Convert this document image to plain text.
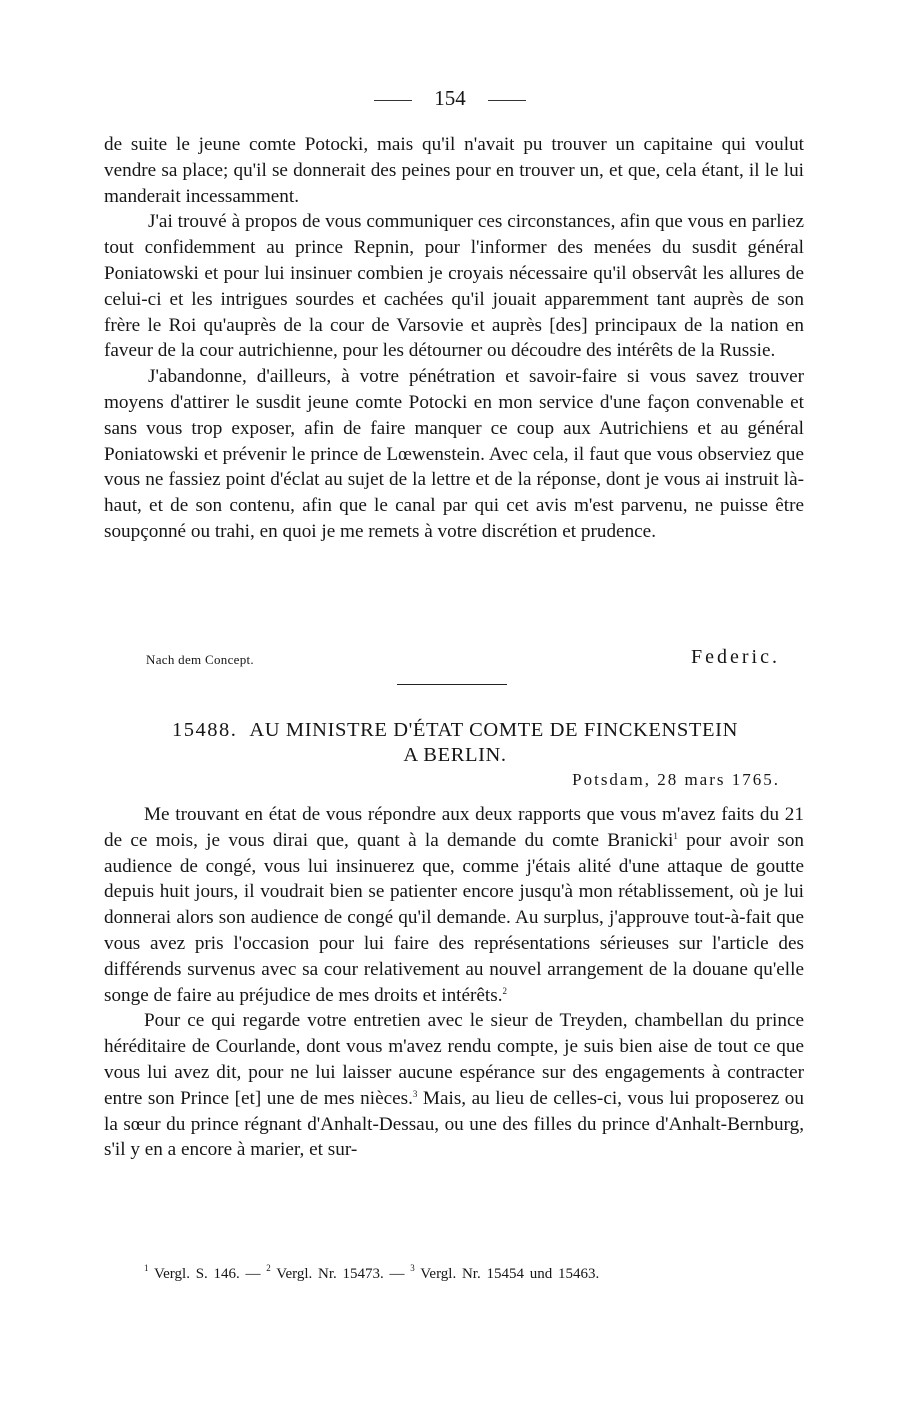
154

de suite le jeune comte Potocki, mais qu'il n'avait pu trouver un capitaine qui voulut vendre sa place; qu'il se donnerait des peines pour en trouver un, et que, cela étant, il le lui manderait incessamment.

J'ai trouvé à propos de vous communiquer ces circonstances, afin que vous en parliez tout confidemment au prince Repnin, pour l'informer des menées du susdit général Poniatowski et pour lui insinuer combien je croyais nécessaire qu'il observât les allures de celui-ci et les intrigues sourdes et cachées qu'il jouait apparemment tant auprès de son frère le Roi qu'auprès de la cour de Varsovie et auprès [des] principaux de la nation en faveur de la cour autrichienne, pour les détourner ou découdre des intérêts de la Russie.

J'abandonne, d'ailleurs, à votre pénétration et savoir-faire si vous savez trouver moyens d'attirer le susdit jeune comte Potocki en mon service d'une façon convenable et sans vous trop exposer, afin de faire manquer ce coup aux Autrichiens et au général Poniatowski et prévenir le prince de Lœwenstein. Avec cela, il faut que vous observiez que vous ne fassiez point d'éclat au sujet de la lettre et de la réponse, dont je vous ai instruit là-haut, et de son contenu, afin que le canal par qui cet avis m'est parvenu, ne puisse être soupçonné ou trahi, en quoi je me remets à votre discrétion et prudence.

Nach dem Concept.	Federic.
15488. AU MINISTRE D'ÉTAT COMTE DE FINCKENSTEIN
A BERLIN.
Potsdam, 28 mars 1765.

Me trouvant en état de vous répondre aux deux rapports que vous m'avez faits du 21 de ce mois, je vous dirai que, quant à la demande du comte Branicki$^1$ pour avoir son audience de congé, vous lui insinuerez que, comme j'étais alité d'une attaque de goutte depuis huit jours, il voudrait bien se patienter encore jusqu'à mon rétablissement, où je lui donnerai alors son audience de congé qu'il demande. Au surplus, j'approuve tout-à-fait que vous avez pris l'occasion pour lui faire des représentations sérieuses sur l'article des différends survenus avec sa cour relativement au nouvel arrangement de la douane qu'elle songe de faire au préjudice de mes droits et intérêts.$^2$

Pour ce qui regarde votre entretien avec le sieur de Treyden, chambellan du prince héréditaire de Courlande, dont vous m'avez rendu compte, je suis bien aise de tout ce que vous lui avez dit, pour ne lui laisser aucune espérance sur des engagements à contracter entre son Prince [et] une de mes nièces.$^3$ Mais, au lieu de celles-ci, vous lui proposerez ou la sœur du prince régnant d'Anhalt-Dessau, ou une des filles du prince d'Anhalt-Bernburg, s'il y en a encore à marier, et sur-

$^1$ Vergl. S. 146. — $^2$ Vergl. Nr. 15473. — $^3$ Vergl. Nr. 15454 und 15463.
